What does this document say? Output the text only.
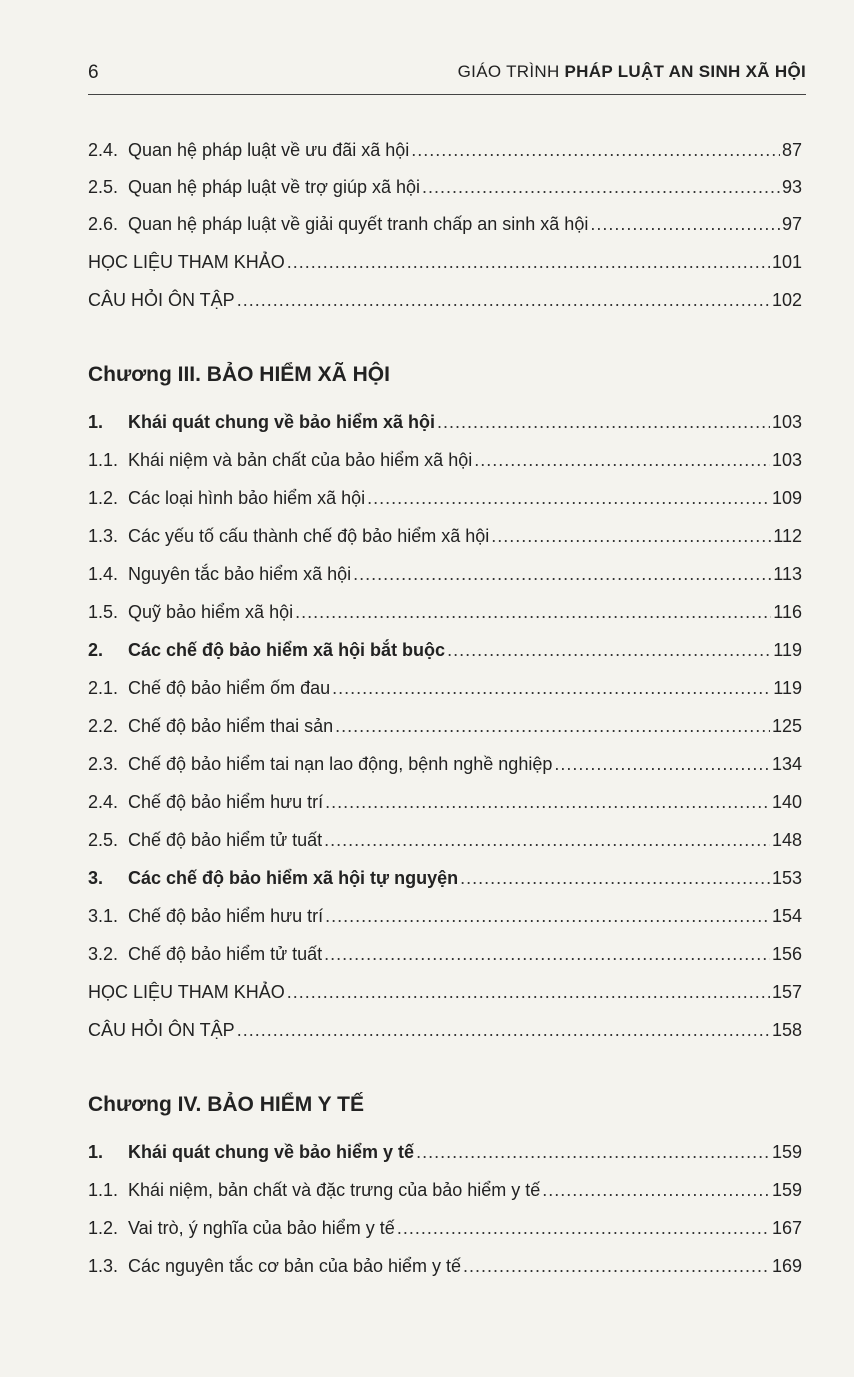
6	GIÁO TRÌNH PHÁP LUẬT AN SINH XÃ HỘI
2.4. Quan hệ pháp luật về ưu đãi xã hội .....	87
2.5. Quan hệ pháp luật về trợ giúp xã hội .....	93
2.6. Quan hệ pháp luật về giải quyết tranh chấp an sinh xã hội .....	97
HỌC LIỆU THAM KHẢO .....	101
CÂU HỎI ÔN TẬP .....	102
Chương III. BẢO HIỂM XÃ HỘI
1.	Khái quát chung về bảo hiểm xã hội .....	103
1.1. Khái niệm và bản chất của bảo hiểm xã hội .....	103
1.2. Các loại hình bảo hiểm xã hội .....	109
1.3. Các yếu tố cấu thành chế độ bảo hiểm xã hội .....	112
1.4. Nguyên tắc bảo hiểm xã hội .....	113
1.5. Quỹ bảo hiểm xã hội .....	116
2.	Các chế độ bảo hiểm xã hội bắt buộc .....	119
2.1. Chế độ bảo hiểm ốm đau .....	119
2.2. Chế độ bảo hiểm thai sản .....	125
2.3. Chế độ bảo hiểm tai nạn lao động, bệnh nghề nghiệp .....	134
2.4. Chế độ bảo hiểm hưu trí .....	140
2.5. Chế độ bảo hiểm tử tuất .....	148
3.	Các chế độ bảo hiểm xã hội tự nguyện .....	153
3.1. Chế độ bảo hiểm hưu trí .....	154
3.2. Chế độ bảo hiểm tử tuất .....	156
HỌC LIỆU THAM KHẢO .....	157
CÂU HỎI ÔN TẬP .....	158
Chương IV. BẢO HIỂM Y TẾ
1.	Khái quát chung về bảo hiểm y tế .....	159
1.1. Khái niệm, bản chất và đặc trưng của bảo hiểm y tế .....	159
1.2. Vai trò, ý nghĩa của bảo hiểm y tế .....	167
1.3. Các nguyên tắc cơ bản của bảo hiểm y tế .....	169
